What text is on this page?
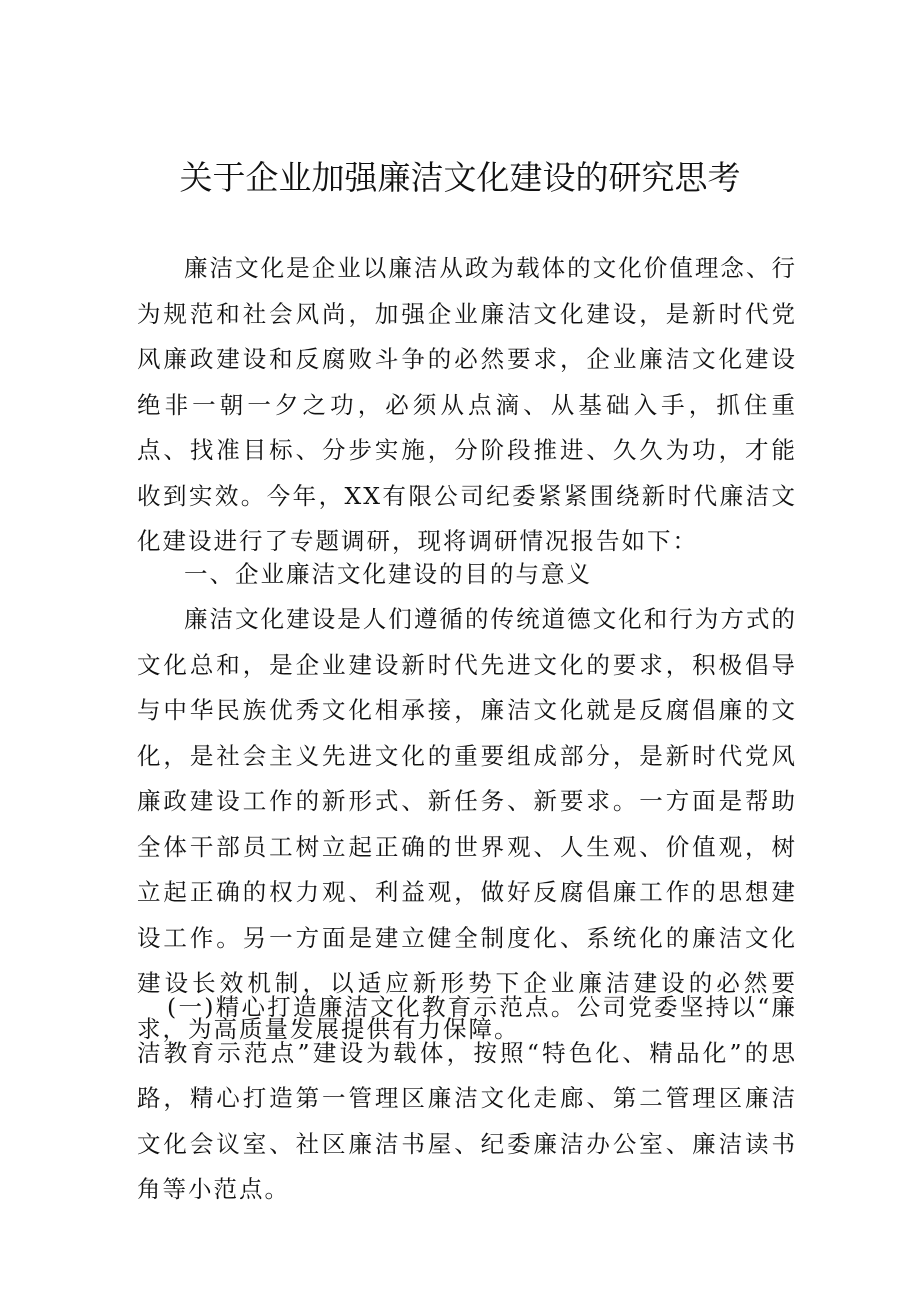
关于企业加强廉洁文化建设的研究思考

廉洁文化是企业以廉洁从政为载体的文化价值理念、行为规范和社会风尚，加强企业廉洁文化建设，是新时代党风廉政建设和反腐败斗争的必然要求，企业廉洁文化建设绝非一朝一夕之功，必须从点滴、从基础入手，抓住重点、找准目标、分步实施，分阶段推进、久久为功，才能收到实效。今年，XX有限公司纪委紧紧围绕新时代廉洁文化建设进行了专题调研，现将调研情况报告如下：

一、企业廉洁文化建设的目的与意义

廉洁文化建设是人们遵循的传统道德文化和行为方式的文化总和，是企业建设新时代先进文化的要求，积极倡导与中华民族优秀文化相承接，廉洁文化就是反腐倡廉的文化，是社会主义先进文化的重要组成部分，是新时代党风廉政建设工作的新形式、新任务、新要求。一方面是帮助全体干部员工树立起正确的世界观、人生观、价值观，树立起正确的权力观、利益观，做好反腐倡廉工作的思想建设工作。另一方面是建立健全制度化、系统化的廉洁文化建设长效机制，以适应新形势下企业廉洁建设的必然要求，为高质量发展提供有力保障。

(一)精心打造廉洁文化教育示范点。公司党委坚持以“廉洁教育示范点”建设为载体，按照“特色化、精品化”的思路，精心打造第一管理区廉洁文化走廊、第二管理区廉洁文化会议室、社区廉洁书屋、纪委廉洁办公室、廉洁读书角等小范点。
